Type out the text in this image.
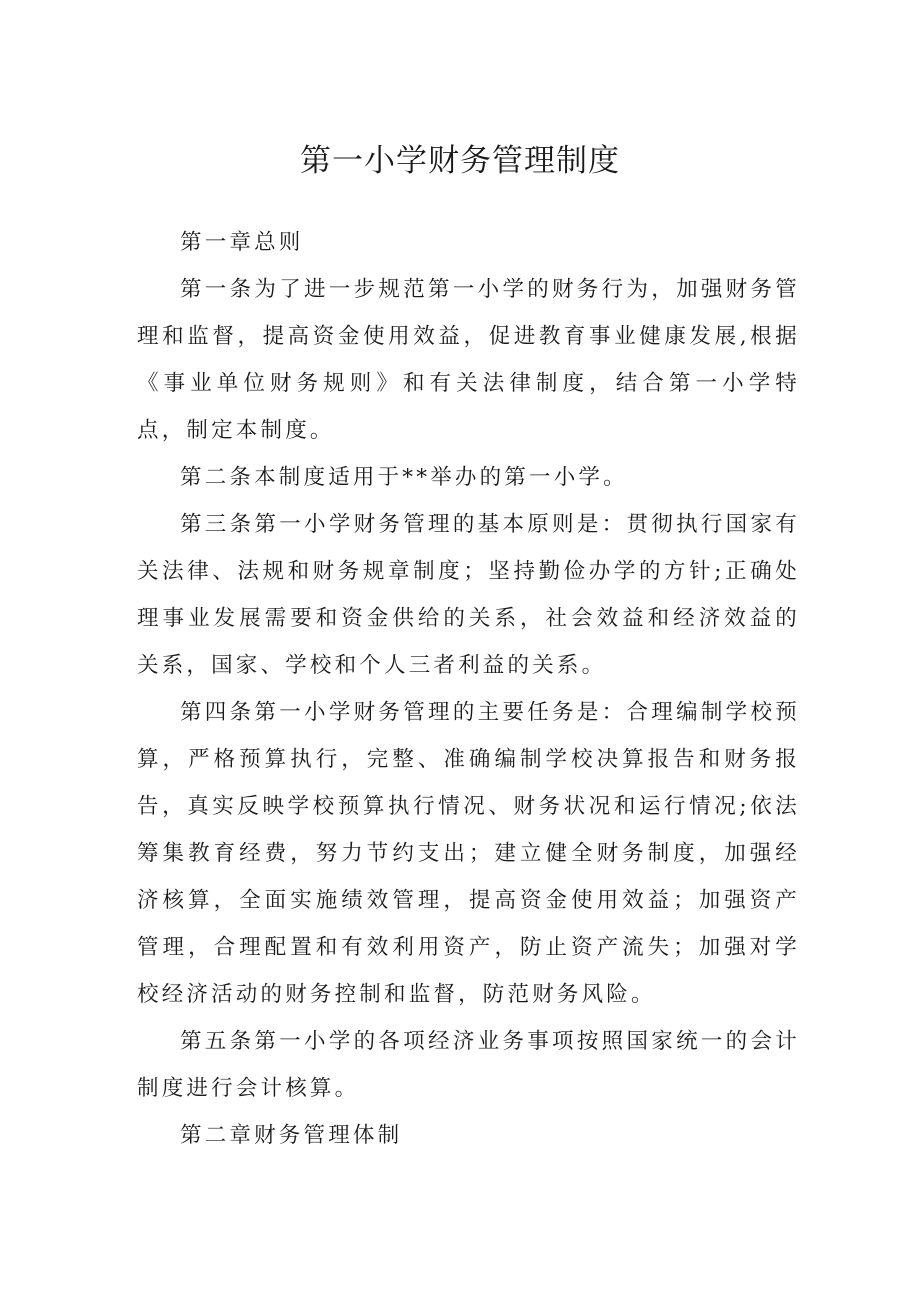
第一小学财务管理制度

第一章总则

第一条为了进一步规范第一小学的财务行为，加强财务管理和监督，提高资金使用效益，促进教育事业健康发展,根据《事业单位财务规则》和有关法律制度，结合第一小学特点，制定本制度。

第二条本制度适用于**举办的第一小学。

第三条第一小学财务管理的基本原则是：贯彻执行国家有关法律、法规和财务规章制度；坚持勤俭办学的方针;正确处理事业发展需要和资金供给的关系，社会效益和经济效益的关系，国家、学校和个人三者利益的关系。

第四条第一小学财务管理的主要任务是：合理编制学校预算，严格预算执行，完整、准确编制学校决算报告和财务报告，真实反映学校预算执行情况、财务状况和运行情况;依法筹集教育经费，努力节约支出；建立健全财务制度，加强经济核算，全面实施绩效管理，提高资金使用效益；加强资产管理，合理配置和有效利用资产，防止资产流失；加强对学校经济活动的财务控制和监督，防范财务风险。

第五条第一小学的各项经济业务事项按照国家统一的会计制度进行会计核算。

第二章财务管理体制
